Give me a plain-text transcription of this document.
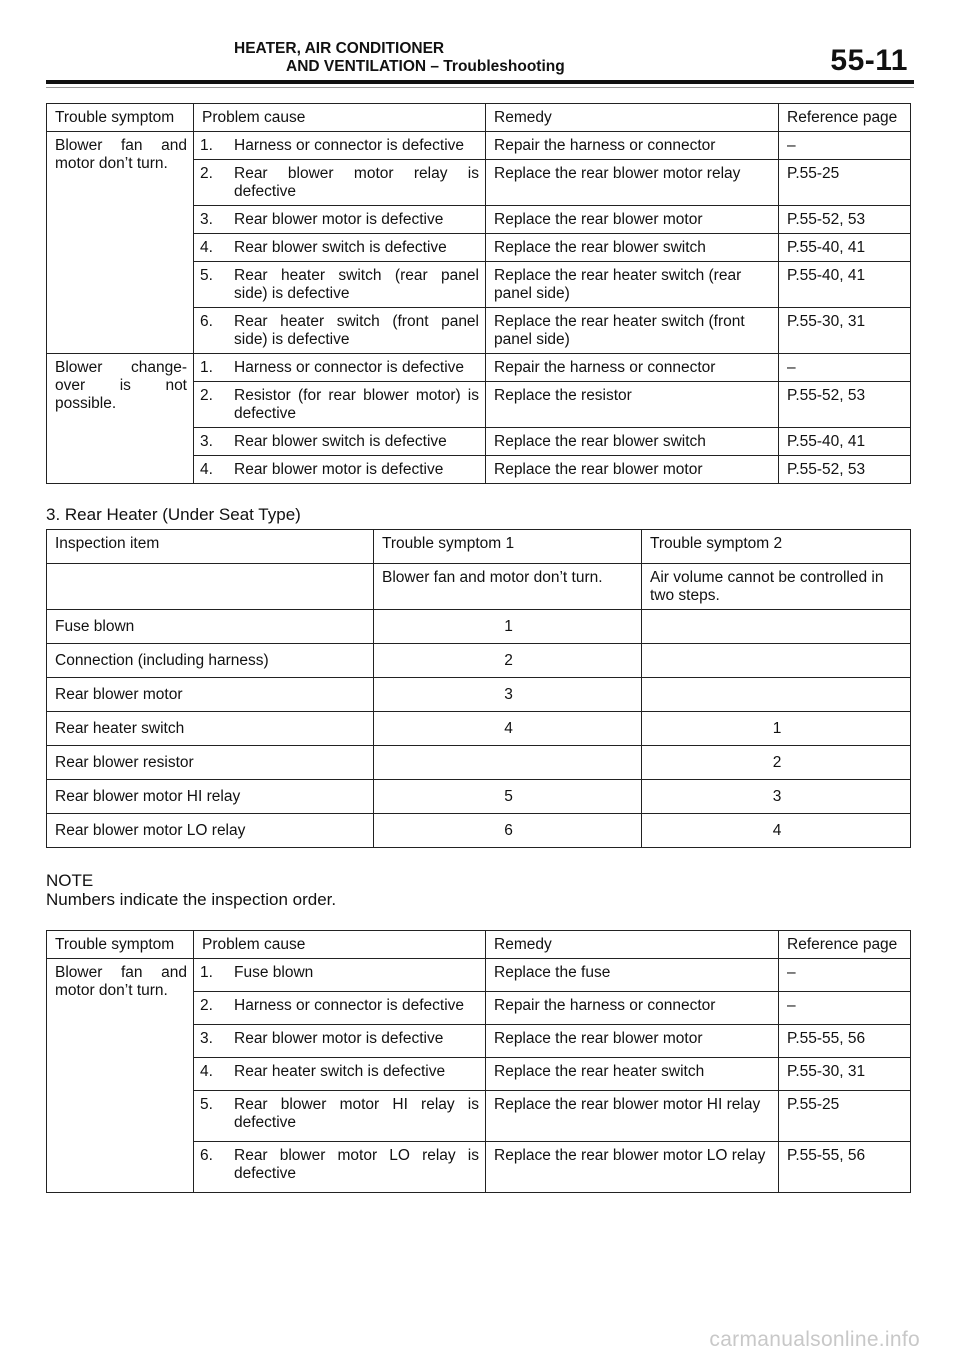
HEATER, AIR CONDITIONER
AND VENTILATION – Troubleshooting	55-11
Trouble symptom	Problem cause	Remedy	Reference page

Blower fan and motor don’t turn.	1. Harness or connector is defective	Repair the harness or connector	–

	2. Rear blower motor relay is defective	Replace the rear blower motor relay	P.55-25

	3. Rear blower motor is defective	Replace the rear blower motor	P.55-52, 53

	4. Rear blower switch is defective	Replace the rear blower switch	P.55-40, 41

	5. Rear heater switch (rear panel side) is defective	Replace the rear heater switch (rear panel side)	P.55-40, 41

	6. Rear heater switch (front panel side) is defective	Replace the rear heater switch (front panel side)	P.55-30, 31

Blower change-over is not possible.	1. Harness or connector is defective	Repair the harness or connector	–

	2. Resistor (for rear blower motor) is defective	Replace the resistor	P.55-52, 53

	3. Rear blower switch is defective	Replace the rear blower switch	P.55-40, 41

	4. Rear blower motor is defective	Replace the rear blower motor	P.55-52, 53
3. Rear Heater (Under Seat Type)
Inspection item	Trouble symptom 1	Trouble symptom 2
	Blower fan and motor don’t turn.	Air volume cannot be controlled in two steps.
Fuse blown	1	
Connection (including harness)	2	
Rear blower motor	3	
Rear heater switch	4	1
Rear blower resistor		2
Rear blower motor HI relay	5	3
Rear blower motor LO relay	6	4
NOTE
Numbers indicate the inspection order.
Trouble symptom	Problem cause	Remedy	Reference page

Blower fan and motor don’t turn.	1. Fuse blown	Replace the fuse	–

	2. Harness or connector is defective	Repair the harness or connector	–

	3. Rear blower motor is defective	Replace the rear blower motor	P.55-55, 56

	4. Rear heater switch is defective	Replace the rear heater switch	P.55-30, 31

	5. Rear blower motor HI relay is defective	Replace the rear blower motor HI relay	P.55-25

	6. Rear blower motor LO relay is defective	Replace the rear blower motor LO relay	P.55-55, 56
carmanualsonline.info
